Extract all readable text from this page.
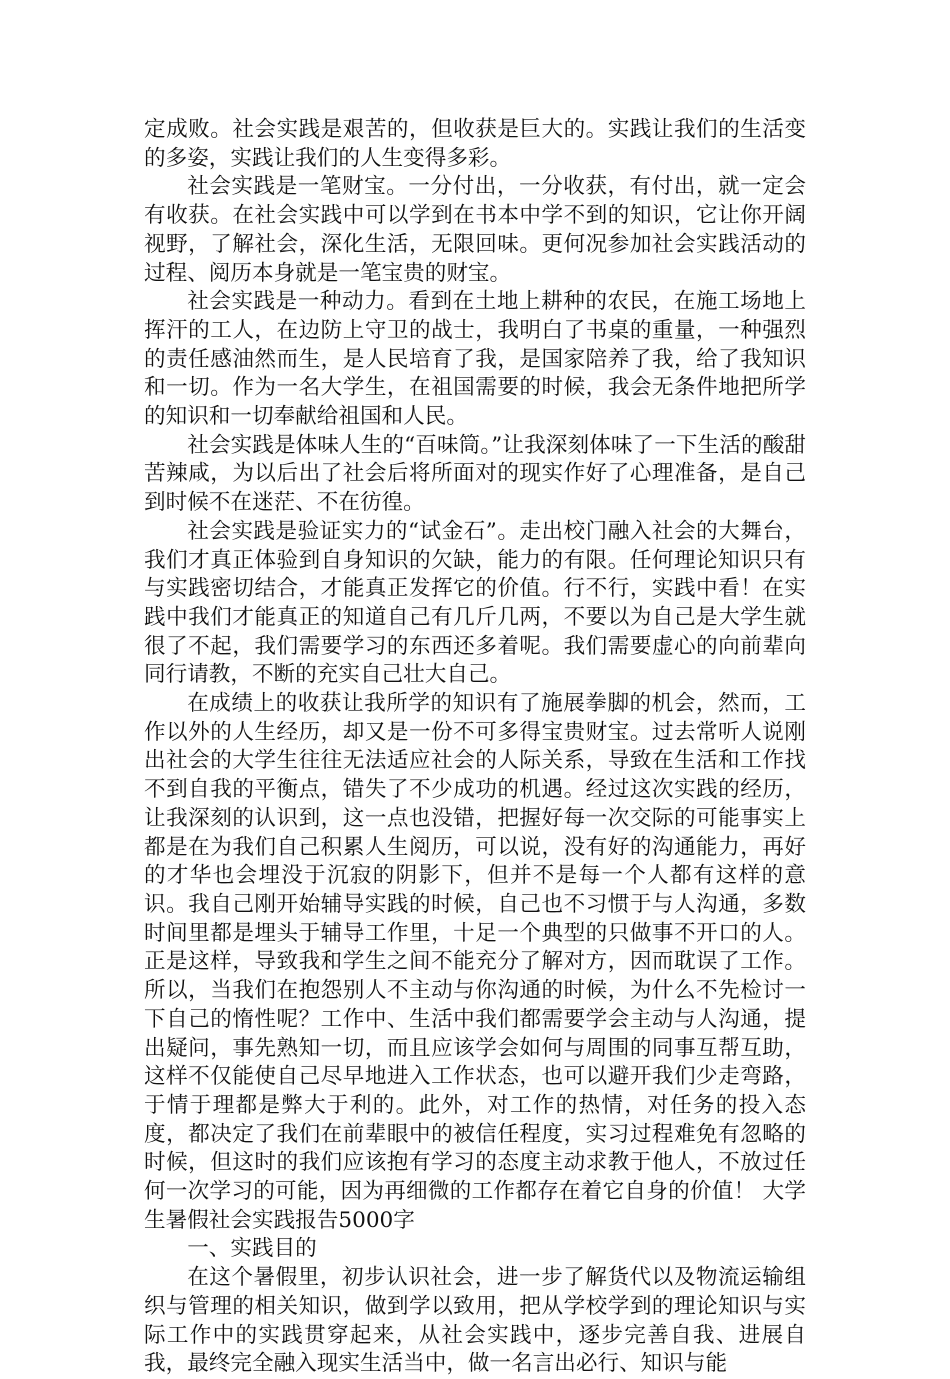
定成败。社会实践是艰苦的，但收获是巨大的。实践让我们的生活变的多姿，实践让我们的人生变得多彩。

社会实践是一笔财宝。一分付出，一分收获，有付出，就一定会有收获。在社会实践中可以学到在书本中学不到的知识，它让你开阔视野，了解社会，深化生活，无限回味。更何况参加社会实践活动的过程、阅历本身就是一笔宝贵的财宝。

社会实践是一种动力。看到在土地上耕种的农民，在施工场地上挥汗的工人，在边防上守卫的战士，我明白了书桌的重量，一种强烈的责任感油然而生，是人民培育了我，是国家陪养了我，给了我知识和一切。作为一名大学生，在祖国需要的时候，我会无条件地把所学的知识和一切奉献给祖国和人民。

社会实践是体味人生的“百味筒。”让我深刻体味了一下生活的酸甜苦辣咸，为以后出了社会后将所面对的现实作好了心理准备，是自己到时候不在迷茫、不在彷徨。

社会实践是验证实力的“试金石”。走出校门融入社会的大舞台，我们才真正体验到自身知识的欠缺，能力的有限。任何理论知识只有与实践密切结合，才能真正发挥它的价值。行不行，实践中看！在实践中我们才能真正的知道自己有几斤几两，不要以为自己是大学生就很了不起，我们需要学习的东西还多着呢。我们需要虚心的向前辈向同行请教，不断的充实自己壮大自己。

在成绩上的收获让我所学的知识有了施展拳脚的机会，然而，工作以外的人生经历，却又是一份不可多得宝贵财宝。过去常听人说刚出社会的大学生往往无法适应社会的人际关系，导致在生活和工作找不到自我的平衡点，错失了不少成功的机遇。经过这次实践的经历，让我深刻的认识到，这一点也没错，把握好每一次交际的可能事实上都是在为我们自己积累人生阅历，可以说，没有好的沟通能力，再好的才华也会埋没于沉寂的阴影下，但并不是每一个人都有这样的意识。我自己刚开始辅导实践的时候，自己也不习惯于与人沟通，多数时间里都是埋头于辅导工作里，十足一个典型的只做事不开口的人。正是这样，导致我和学生之间不能充分了解对方，因而耽误了工作。所以，当我们在抱怨别人不主动与你沟通的时候，为什么不先检讨一下自己的惰性呢？工作中、生活中我们都需要学会主动与人沟通，提出疑问，事先熟知一切，而且应该学会如何与周围的同事互帮互助，这样不仅能使自己尽早地进入工作状态，也可以避开我们少走弯路，于情于理都是弊大于利的。此外，对工作的热情，对任务的投入态度，都决定了我们在前辈眼中的被信任程度，实习过程难免有忽略的时候，但这时的我们应该抱有学习的态度主动求教于他人，不放过任何一次学习的可能，因为再细微的工作都存在着它自身的价值！ 大学生暑假社会实践报告5000字

一、实践目的

在这个暑假里，初步认识社会，进一步了解货代以及物流运输组织与管理的相关知识，做到学以致用，把从学校学到的理论知识与实际工作中的实践贯穿起来，从社会实践中，逐步完善自我、进展自我，最终完全融入现实生活当中，做一名言出必行、知识与能
